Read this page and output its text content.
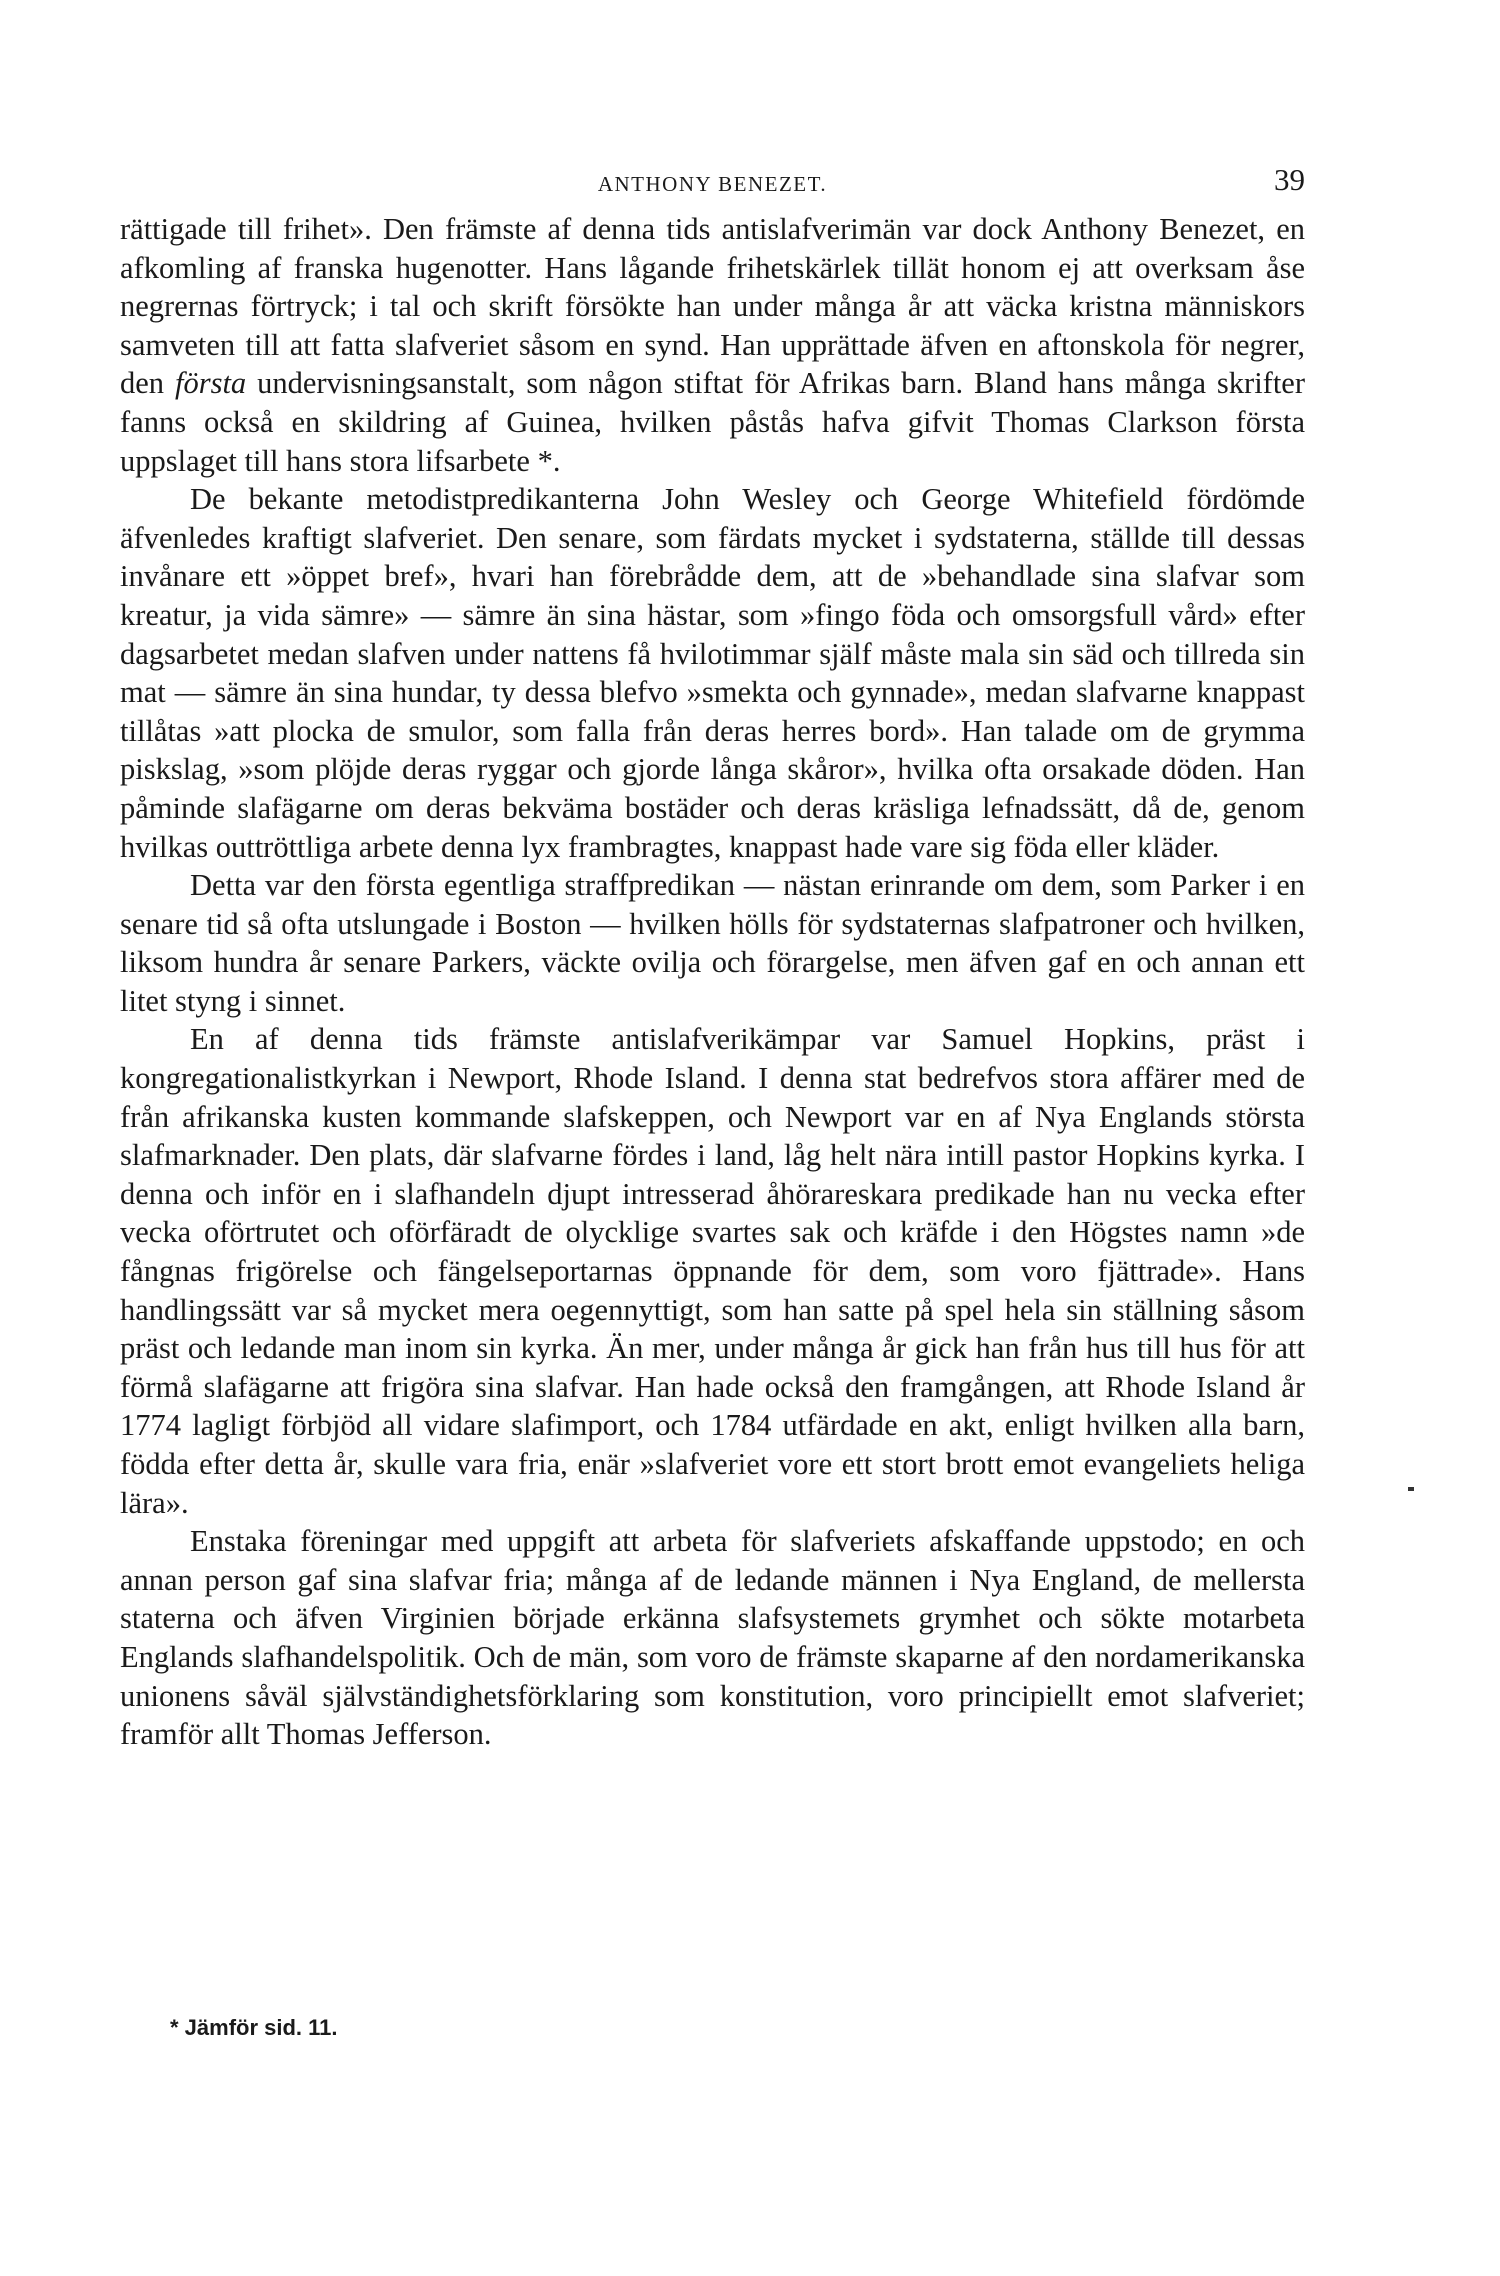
ANTHONY BENEZET.	39

rättigade till frihet». Den främste af denna tids antislafverimän var dock Anthony Benezet, en afkomling af franska hugenotter. Hans lågande frihetskärlek tillät honom ej att overksam åse negrernas förtryck; i tal och skrift försökte han under många år att väcka kristna människors samveten till att fatta slafveriet såsom en synd. Han upprättade äfven en aftonskola för negrer, den första undervisningsanstalt, som någon stiftat för Afrikas barn. Bland hans många skrifter fanns också en skildring af Guinea, hvilken påstås hafva gifvit Thomas Clarkson första uppslaget till hans stora lifsarbete *.

De bekante metodistpredikanterna John Wesley och George Whitefield fördömde äfvenledes kraftigt slafveriet. Den senare, som färdats mycket i sydstaterna, ställde till dessas invånare ett »öppet bref», hvari han förebrådde dem, att de »behandlade sina slafvar som kreatur, ja vida sämre» — sämre än sina hästar, som »fingo föda och omsorgsfull vård» efter dagsarbetet medan slafven under nattens få hvilotimmar själf måste mala sin säd och tillreda sin mat — sämre än sina hundar, ty dessa blefvo »smekta och gynnade», medan slafvarne knappast tillåtas »att plocka de smulor, som falla från deras herres bord». Han talade om de grymma piskslag, »som plöjde deras ryggar och gjorde långa skåror», hvilka ofta orsakade döden. Han påminde slafägarne om deras bekväma bostäder och deras kräsliga lefnadssätt, då de, genom hvilkas outtröttliga arbete denna lyx frambragtes, knappast hade vare sig föda eller kläder.

Detta var den första egentliga straffpredikan — nästan erinrande om dem, som Parker i en senare tid så ofta utslungade i Boston — hvilken hölls för sydstaternas slafpatroner och hvilken, liksom hundra år senare Parkers, väckte ovilja och förargelse, men äfven gaf en och annan ett litet styng i sinnet.

En af denna tids främste antislafverikämpar var Samuel Hopkins, präst i kongregationalistkyrkan i Newport, Rhode Island. I denna stat bedrefvos stora affärer med de från afrikanska kusten kommande slafskeppen, och Newport var en af Nya Englands största slafmarknader. Den plats, där slafvarne fördes i land, låg helt nära intill pastor Hopkins kyrka. I denna och inför en i slafhandeln djupt intresserad åhörareskara predikade han nu vecka efter vecka oförtrutet och oförfäradt de olycklige svartes sak och kräfde i den Högstes namn »de fångnas frigörelse och fängelseportarnas öppnande för dem, som voro fjättrade». Hans handlingssätt var så mycket mera oegennyttigt, som han satte på spel hela sin ställning såsom präst och ledande man inom sin kyrka. Än mer, under många år gick han från hus till hus för att förmå slafägarne att frigöra sina slafvar. Han hade också den framgången, att Rhode Island år 1774 lagligt förbjöd all vidare slafimport, och 1784 utfärdade en akt, enligt hvilken alla barn, födda efter detta år, skulle vara fria, enär »slafveriet vore ett stort brott emot evangeliets heliga lära».

Enstaka föreningar med uppgift att arbeta för slafveriets afskaffande uppstodo; en och annan person gaf sina slafvar fria; många af de ledande männen i Nya England, de mellersta staterna och äfven Virginien började erkänna slafsystemets grymhet och sökte motarbeta Englands slafhandelspolitik. Och de män, som voro de främste skaparne af den nordamerikanska unionens såväl självständighetsförklaring som konstitution, voro principiellt emot slafveriet; framför allt Thomas Jefferson.

* Jämför sid. 11.
